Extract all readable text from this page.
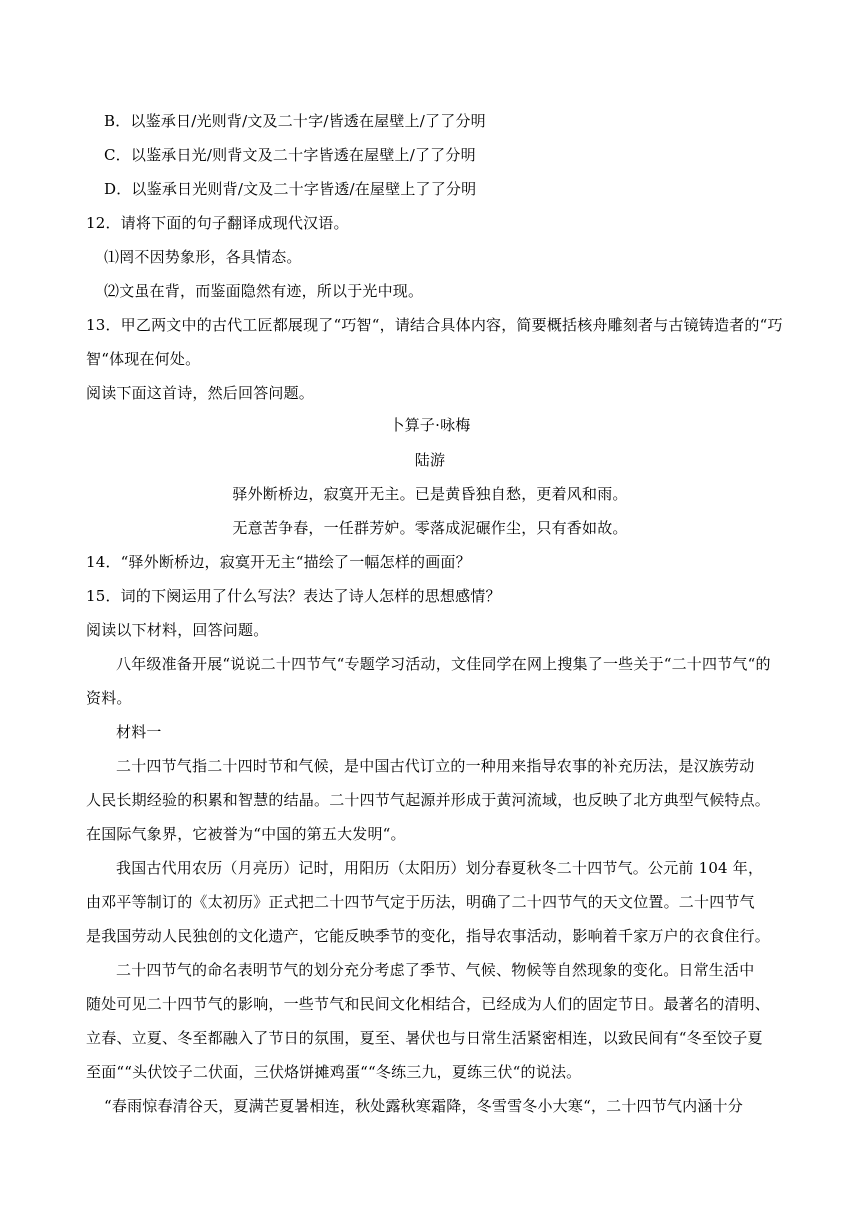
B．以鉴承日/光则背/文及二十字/皆透在屋壁上/了了分明
C．以鉴承日光/则背文及二十字皆透在屋壁上/了了分明
D．以鉴承日光则背/文及二十字皆透/在屋壁上了了分明
12．请将下面的句子翻译成现代汉语。
⑴罔不因势象形，各具情态。
⑵文虽在背，而鉴面隐然有迹，所以于光中现。
13．甲乙两文中的古代工匠都展现了“巧智“，请结合具体内容，简要概括核舟雕刻者与古镜铸造者的“巧
智“体现在何处。
阅读下面这首诗，然后回答问题。
卜算子·咏梅
陆游
驿外断桥边，寂寞开无主。已是黄昏独自愁，更着风和雨。
无意苦争春，一任群芳妒。零落成泥碾作尘，只有香如故。
14．“驿外断桥边，寂寞开无主“描绘了一幅怎样的画面？
15．词的下阕运用了什么写法？表达了诗人怎样的思想感情？
阅读以下材料，回答问题。
八年级准备开展“说说二十四节气“专题学习活动，文佳同学在网上搜集了一些关于“二十四节气“的
资料。
材料一
二十四节气指二十四时节和气候，是中国古代订立的一种用来指导农事的补充历法，是汉族劳动
人民长期经验的积累和智慧的结晶。二十四节气起源并形成于黄河流域，也反映了北方典型气候特点。
在国际气象界，它被誉为“中国的第五大发明“。
我国古代用农历（月亮历）记时，用阳历（太阳历）划分春夏秋冬二十四节气。公元前 104 年，
由邓平等制订的《太初历》正式把二十四节气定于历法，明确了二十四节气的天文位置。二十四节气
是我国劳动人民独创的文化遗产，它能反映季节的变化，指导农事活动，影响着千家万户的衣食住行。
二十四节气的命名表明节气的划分充分考虑了季节、气候、物候等自然现象的变化。日常生活中
随处可见二十四节气的影响，一些节气和民间文化相结合，已经成为人们的固定节日。最著名的清明、
立春、立夏、冬至都融入了节日的氛围，夏至、暑伏也与日常生活紧密相连，以致民间有“冬至饺子夏
至面““头伏饺子二伏面，三伏烙饼摊鸡蛋““冬练三九，夏练三伏“的说法。
“春雨惊春清谷天，夏满芒夏暑相连，秋处露秋寒霜降，冬雪雪冬小大寒“，二十四节气内涵十分
